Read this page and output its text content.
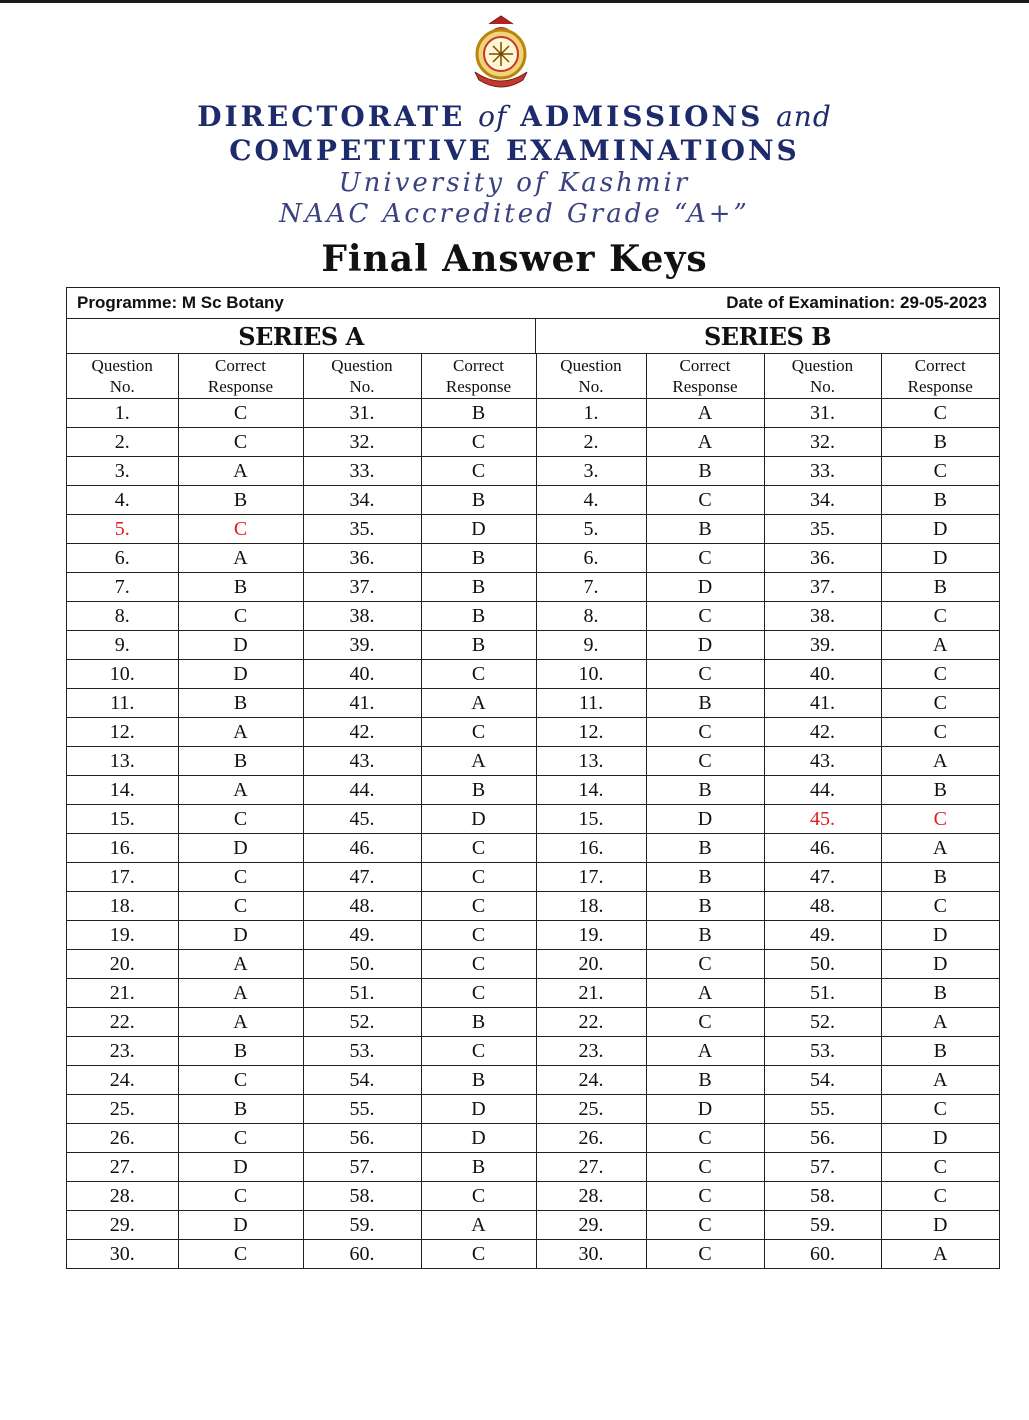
DIRECTORATE of ADMISSIONS and
COMPETITIVE EXAMINATIONS
University of Kashmir
NAAC Accredited Grade “A+”
Final Answer Keys
Programme: M Sc Botany	Date of Examination: 29-05-2023
SERIES A	SERIES B
Question
No.	Correct
Response	Question
No.	Correct
Response	Question
No.	Correct
Response	Question
No.	Correct
Response
1.	C	31.	B	1.	A	31.	C
2.	C	32.	C	2.	A	32.	B
3.	A	33.	C	3.	B	33.	C
4.	B	34.	B	4.	C	34.	B
5.	C	35.	D	5.	B	35.	D
6.	A	36.	B	6.	C	36.	D
7.	B	37.	B	7.	D	37.	B
8.	C	38.	B	8.	C	38.	C
9.	D	39.	B	9.	D	39.	A
10.	D	40.	C	10.	C	40.	C
11.	B	41.	A	11.	B	41.	C
12.	A	42.	C	12.	C	42.	C
13.	B	43.	A	13.	C	43.	A
14.	A	44.	B	14.	B	44.	B
15.	C	45.	D	15.	D	45.	C
16.	D	46.	C	16.	B	46.	A
17.	C	47.	C	17.	B	47.	B
18.	C	48.	C	18.	B	48.	C
19.	D	49.	C	19.	B	49.	D
20.	A	50.	C	20.	C	50.	D
21.	A	51.	C	21.	A	51.	B
22.	A	52.	B	22.	C	52.	A
23.	B	53.	C	23.	A	53.	B
24.	C	54.	B	24.	B	54.	A
25.	B	55.	D	25.	D	55.	C
26.	C	56.	D	26.	C	56.	D
27.	D	57.	B	27.	C	57.	C
28.	C	58.	C	28.	C	58.	C
29.	D	59.	A	29.	C	59.	D
30.	C	60.	C	30.	C	60.	A
